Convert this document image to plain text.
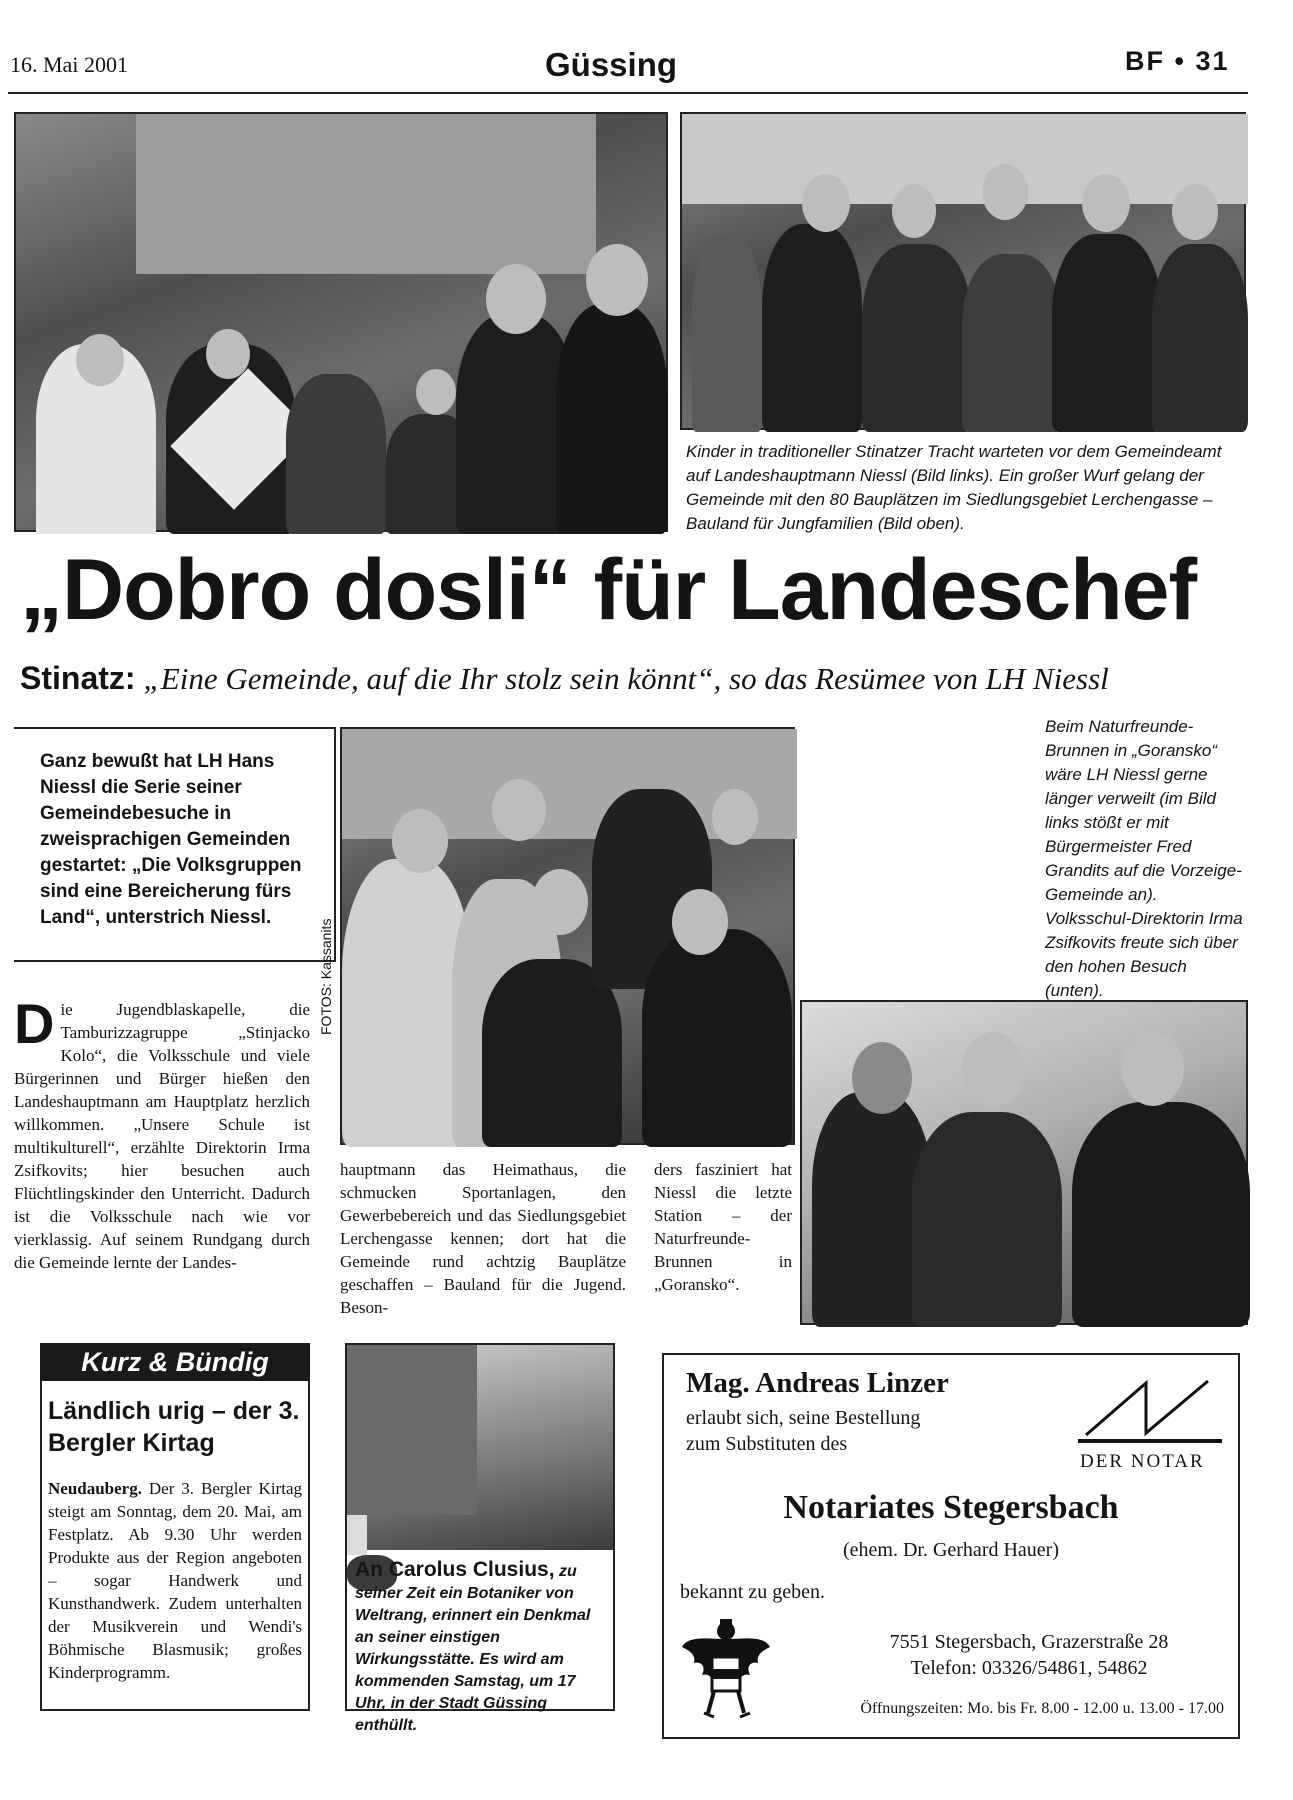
16. Mai 2001	Güssing	BF • 31
Kinder in traditioneller Stinatzer Tracht warteten vor dem Gemeindeamt auf Landeshauptmann Niessl (Bild links). Ein großer Wurf gelang der Gemeinde mit den 80 Bauplätzen im Siedlungsgebiet Lerchengasse – Bauland für Jungfamilien (Bild oben).
„Dobro dosli“ für Landeschef
Stinatz: „Eine Gemeinde, auf die Ihr stolz sein könnt“, so das Resümee von LH Niessl

Ganz bewußt hat LH Hans Niessl die Serie seiner Gemeindebesuche in zweisprachigen Gemeinden gestartet: „Die Volksgruppen sind eine Bereicherung fürs Land“, unterstrich Niessl.

Die Jugendblaskapelle, die Tamburizzagruppe „Stinjacko Kolo“, die Volksschule und viele Bürgerinnen und Bürger hießen den Landeshauptmann am Hauptplatz herzlich willkommen. „Unsere Schule ist multikulturell“, erzählte Direktorin Irma Zsifkovits; hier besuchen auch Flüchtlingskinder den Unterricht. Dadurch ist die Volksschule nach wie vor vierklassig. Auf seinem Rundgang durch die Gemeinde lernte der Landes-
FOTOS: Kassanits
hauptmann das Heimathaus, die schmucken Sportanlagen, den Gewerbebereich und das Siedlungsgebiet Lerchengasse kennen; dort hat die Gemeinde rund achtzig Bauplätze geschaffen – Bauland für die Jugend. Beson-
ders fasziniert hat Niessl die letzte Station – der Naturfreunde-Brunnen in „Goransko“.
Beim Naturfreunde-Brunnen in „Goransko“ wäre LH Niessl gerne länger verweilt (im Bild links stößt er mit Bürgermeister Fred Grandits auf die Vorzeige-Gemeinde an). Volksschul-Direktorin Irma Zsifkovits freute sich über den hohen Besuch (unten).
Kurz & Bündig
Ländlich urig – der 3. Bergler Kirtag
Neudauberg. Der 3. Bergler Kirtag steigt am Sonntag, dem 20. Mai, am Festplatz. Ab 9.30 Uhr werden Produkte aus der Region angeboten – sogar Handwerk und Kunsthandwerk. Zudem unterhalten der Musikverein und Wendi's Böhmische Blasmusik; großes Kinderprogramm.
An Carolus Clusius, zu seiner Zeit ein Botaniker von Weltrang, erinnert ein Denkmal an seiner einstigen Wirkungsstätte. Es wird am kommenden Samstag, um 17 Uhr, in der Stadt Güssing enthüllt.
Mag. Andreas Linzer
erlaubt sich, seine Bestellung
zum Substituten des
DER NOTAR
Notariates Stegersbach
(ehem. Dr. Gerhard Hauer)
bekannt zu geben.
7551 Stegersbach, Grazerstraße 28
Telefon: 03326/54861, 54862
Öffnungszeiten: Mo. bis Fr. 8.00 - 12.00 u. 13.00 - 17.00
